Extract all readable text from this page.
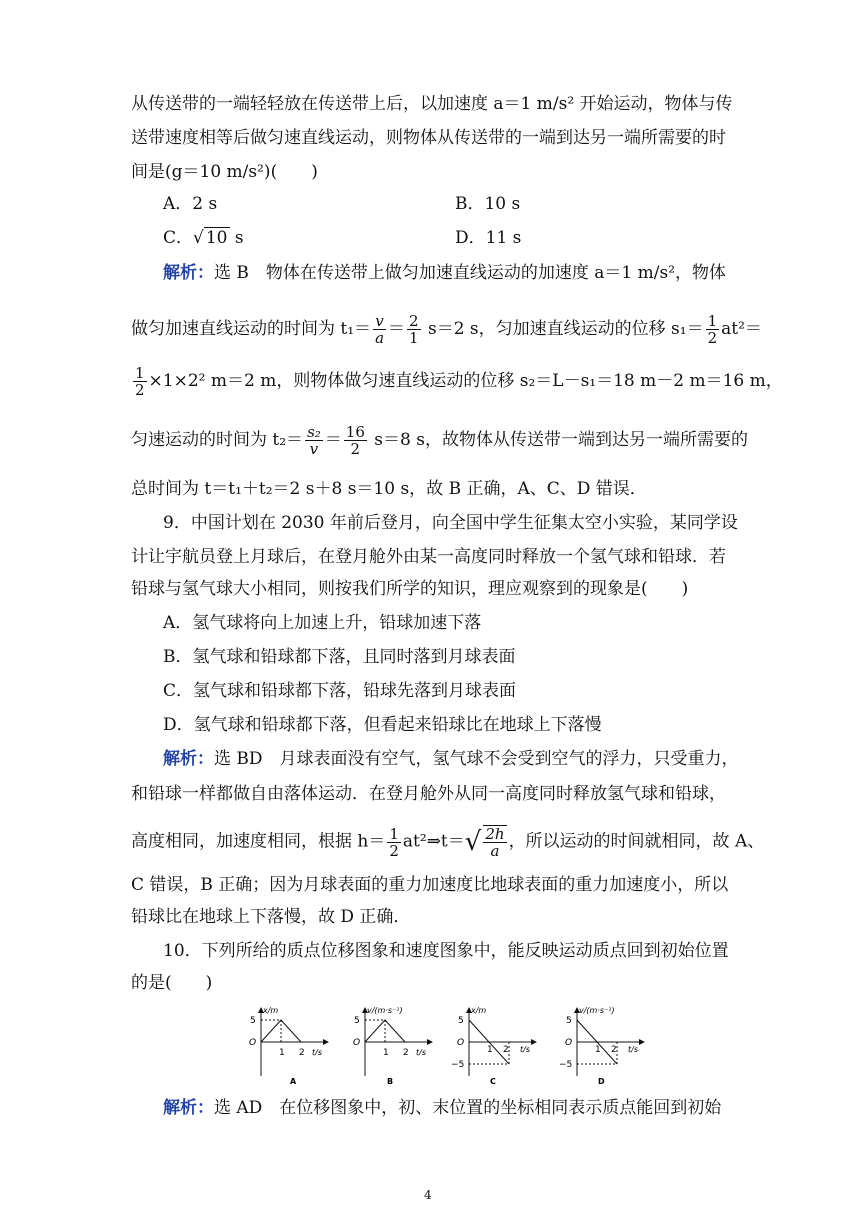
从传送带的一端轻轻放在传送带上后，以加速度 a＝1 m/s² 开始运动，物体与传
送带速度相等后做匀速直线运动，则物体从传送带的一端到达另一端所需要的时
间是(g＝10 m/s²)(　　)
A．2 s	B．10 s
C．√ 10 s	D．11 s
解析：选 B　物体在传送带上做匀加速直线运动的加速度 a＝1 m/s²，物体
做匀加速直线运动的时间为 $t_1= \frac{v}{a} = \frac{2}{1} s=2$ s，匀加速直线运动的位移 $s_1= \frac{1}{2} at^2=$
$\frac{1}{2} \times 1\times 2^2$ m＝2 m，则物体做匀速直线运动的位移 s₂＝L－s₁＝18 m－2 m＝16 m，
匀速运动的时间为 $t_2= \frac{\text{s₂}}{v} = \frac{16}{2} s=8$ s，故物体从传送带一端到达另一端所需要的
总时间为 t＝t₁＋t₂＝2 s＋8 s＝10 s，故 B 正确，A、C、D 错误．
9．中国计划在 2030 年前后登月，向全国中学生征集太空小实验，某同学设
计让宇航员登上月球后，在登月舱外由某一高度同时释放一个氢气球和铅球．若
铅球与氢气球大小相同，则按我们所学的知识，理应观察到的现象是(　　)
A．氢气球将向上加速上升，铅球加速下落
B．氢气球和铅球都下落，且同时落到月球表面
C．氢气球和铅球都下落，铅球先落到月球表面
D．氢气球和铅球都下落，但看起来铅球比在地球上下落慢
解析：选 BD　月球表面没有空气，氢气球不会受到空气的浮力，只受重力，
和铅球一样都做自由落体运动．在登月舱外从同一高度同时释放氢气球和铅球，
高度相同，加速度相同，根据 $h= \frac{1}{2}$ at²⇒t＝√ $\frac{2h}{a}$ ，所以运动的时间就相同，故 A、
C 错误，B 正确；因为月球表面的重力加速度比地球表面的重力加速度小，所以
铅球比在地球上下落慢，故 D 正确．
10．下列所给的质点位移图象和速度图象中，能反映运动质点回到初始位置
的是(　　)
x/m
5
O
1 2 t/s
A
v/(m·s⁻¹)
5
O
1 2 t/s
B
x/m
5
−5
O
1 2 t/s
C
v/(m·s⁻¹)
5
−5
O
1 2 t/s
D
解析：选 AD　在位移图象中，初、末位置的坐标相同表示质点能回到初始
4
